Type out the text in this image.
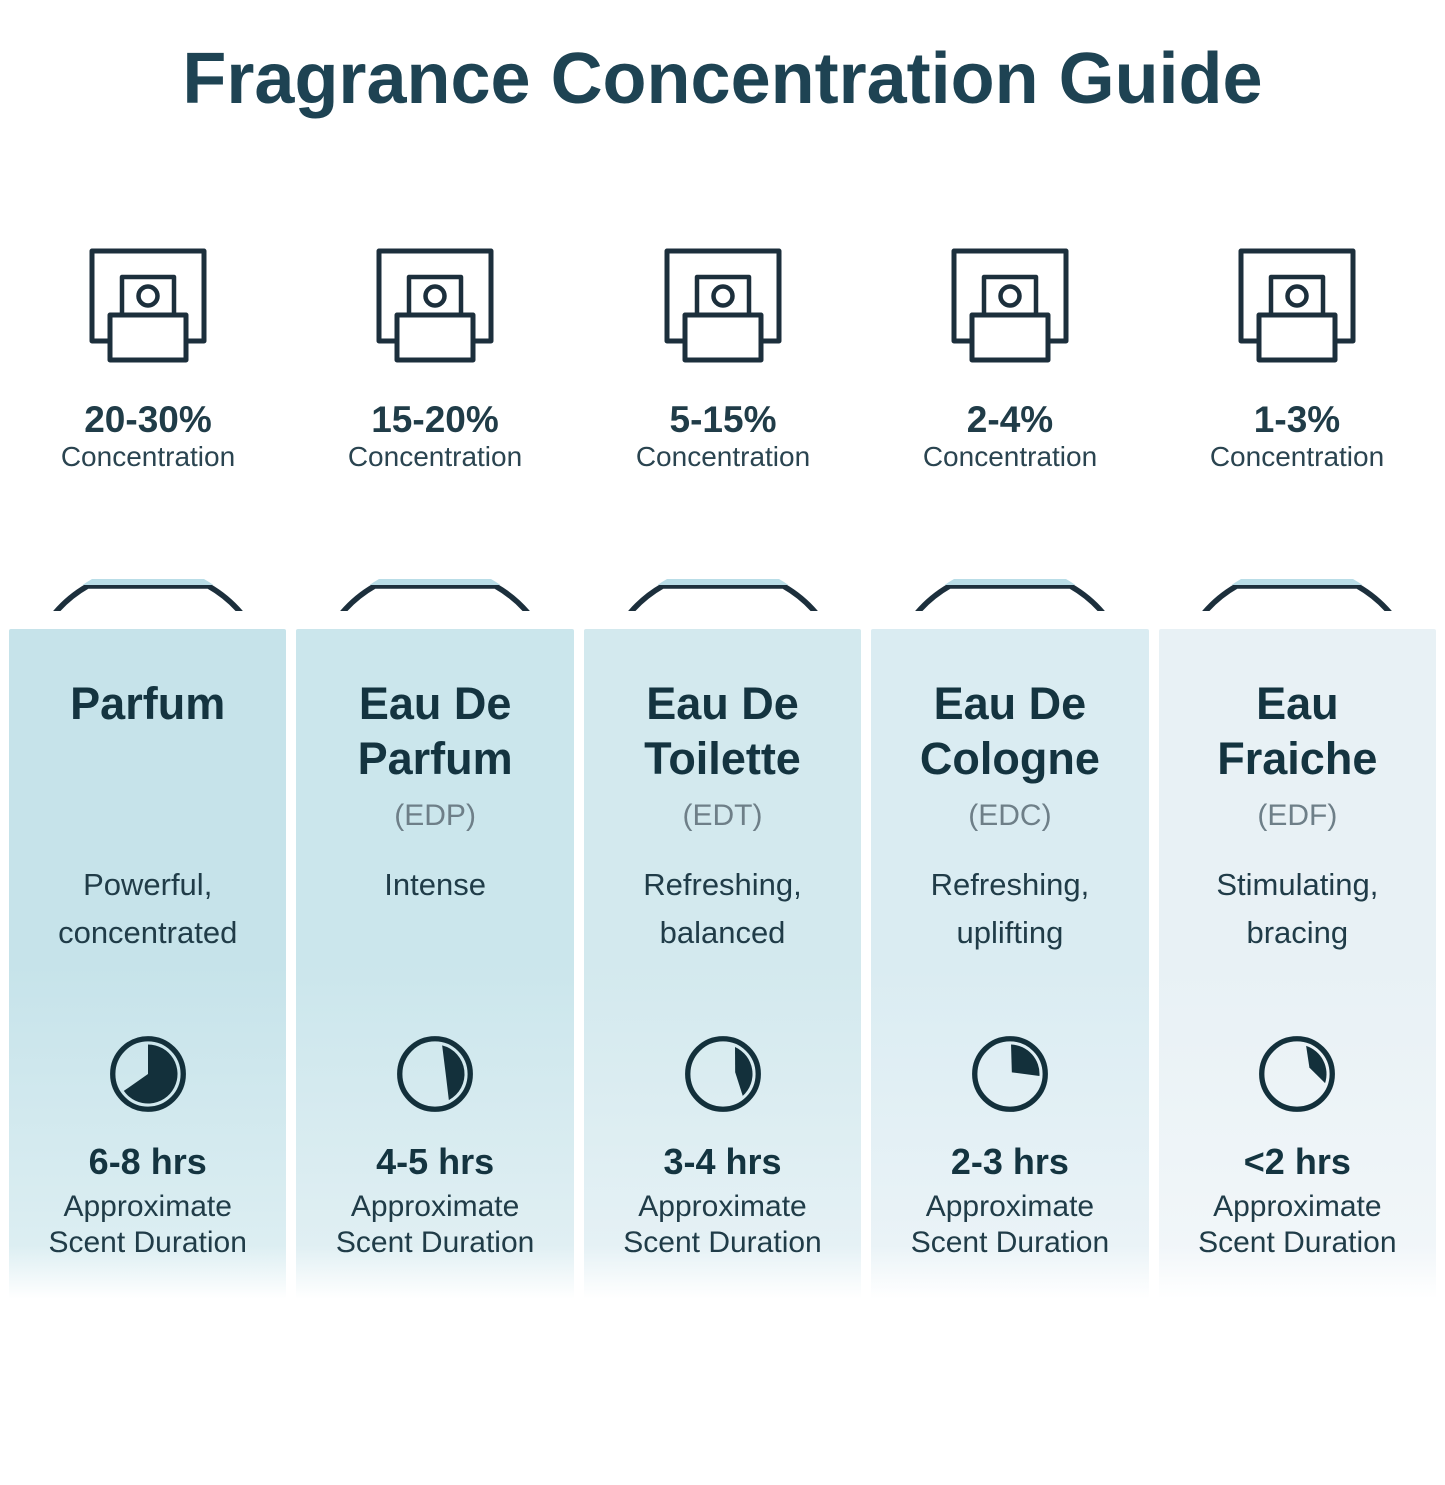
Fragrance Concentration Guide
20-30%
Concentration
Parfum
Powerful, concentrated
6-8 hrs
Approximate Scent Duration
15-20%
Concentration
Eau De Parfum
(EDP)
Intense
4-5 hrs
Approximate Scent Duration
5-15%
Concentration
Eau De Toilette
(EDT)
Refreshing, balanced
3-4 hrs
Approximate Scent Duration
2-4%
Concentration
Eau De Cologne
(EDC)
Refreshing, uplifting
2-3 hrs
Approximate Scent Duration
1-3%
Concentration
Eau Fraiche
(EDF)
Stimulating, bracing
<2 hrs
Approximate Scent Duration
